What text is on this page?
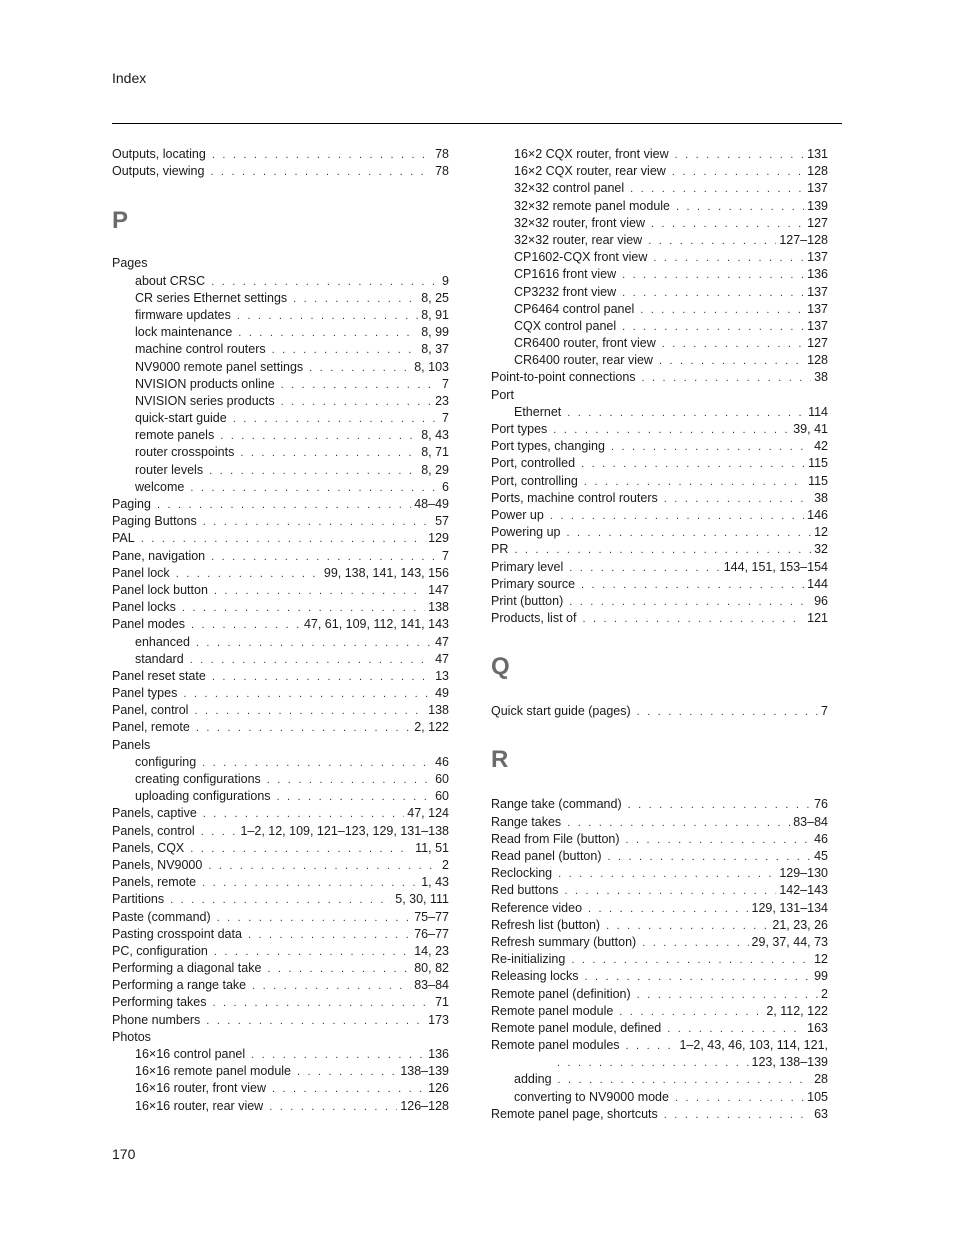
Index
Outputs, locating . . .	78
Outputs, viewing . . .	78
P
Pages
about CRSC . . .	9
CR series Ethernet settings . . .	8, 25
firmware updates . . .	8, 91
lock maintenance . . .	8, 99
machine control routers . . .	8, 37
NV9000 remote panel settings . . .	8, 103
NVISION products online . . .	7
NVISION series products . . .	23
quick-start guide . . .	7
remote panels . . .	8, 43
router crosspoints . . .	8, 71
router levels . . .	8, 29
welcome . . .	6
Paging . . .	48–49
Paging Buttons . . .	57
PAL . . .	129
Pane, navigation . . .	7
Panel lock . . .	99, 138, 141, 143, 156
Panel lock button . . .	147
Panel locks . . .	138
Panel modes . . .	47, 61, 109, 112, 141, 143
enhanced . . .	47
standard . . .	47
Panel reset state . . .	13
Panel types . . .	49
Panel, control . . .	138
Panel, remote . . .	2, 122
Panels
configuring . . .	46
creating configurations . . .	60
uploading configurations . . .	60
Panels, captive . . .	47, 124
Panels, control . . .	1–2, 12, 109, 121–123, 129, 131–138
Panels, CQX . . .	11, 51
Panels, NV9000 . . .	2
Panels, remote . . .	1, 43
Partitions . . .	5, 30, 111
Paste (command) . . .	75–77
Pasting crosspoint data . . .	76–77
PC, configuration . . .	14, 23
Performing a diagonal take . . .	80, 82
Performing a range take . . .	83–84
Performing takes . . .	71
Phone numbers . . .	173
Photos
16×16 control panel . . .	136
16×16 remote panel module . . .	138–139
16×16 router, front view . . .	126
16×16 router, rear view . . .	126–128
16×2 CQX router, front view . . .	131
16×2 CQX router, rear view . . .	128
32×32 control panel . . .	137
32×32 remote panel module . . .	139
32×32 router, front view . . .	127
32×32 router, rear view . . .	127–128
CP1602-CQX front view . . .	137
CP1616 front view . . .	136
CP3232 front view . . .	137
CP6464 control panel . . .	137
CQX control panel . . .	137
CR6400 router, front view . . .	127
CR6400 router, rear view . . .	128
Point-to-point connections . . .	38
Port
Ethernet . . .	114
Port types . . .	39, 41
Port types, changing . . .	42
Port, controlled . . .	115
Port, controlling . . .	115
Ports, machine control routers . . .	38
Power up . . .	146
Powering up . . .	12
PR . . .	32
Primary level . . .	144, 151, 153–154
Primary source . . .	144
Print (button) . . .	96
Products, list of . . .	121
Q
Quick start guide (pages) . . .	7
R
Range take (command) . . .	76
Range takes . . .	83–84
Read from File (button) . . .	46
Read panel (button) . . .	45
Reclocking . . .	129–130
Red buttons . . .	142–143
Reference video . . .	129, 131–134
Refresh list (button) . . .	21, 23, 26
Refresh summary (button) . . .	29, 37, 44, 73
Re-initializing . . .	12
Releasing locks . . .	99
Remote panel (definition) . . .	2
Remote panel module . . .	2, 112, 122
Remote panel module, defined . . .	163
Remote panel modules . . .	1–2, 43, 46, 103, 114, 121,
. . .
123, 138–139
adding . . .	28
converting to NV9000 mode . . .	105
Remote panel page, shortcuts . . .	63
170
